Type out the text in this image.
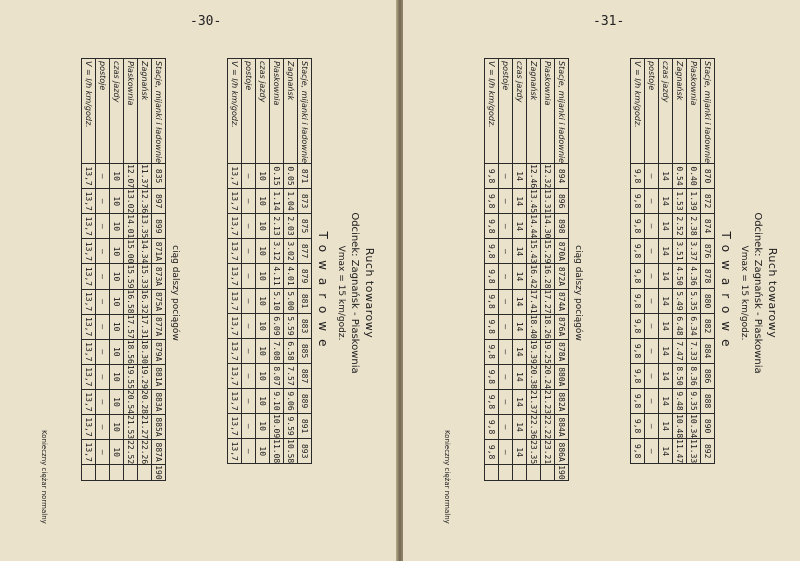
-30-
Ruch towarowy
Odcinek: Zagnańsk - Piaskownia
Vmax = 15 km/godz.
Towarowe
Stacje, mijanki i ładownie	871	873	875	877	879	881	883	885	887	889	891	893
Zagnańsk	0.05	1.04	2.03	3.02	4.01	5.00	5.59	6.58	7.57	9.06	9.59	10.58
Piaskownia	0.15	1.14	2.13	3.12	4.11	5.10	6.09	7.08	8.07	9.10	10.09	11.08
czas jazdy	10	10	10	10	10	10	10	10	10	10	10	10
postoje	—	—	—	—	—	—	—	—	—	—	—	—
V = l/h km/godz.	13,7	13,7	13,7	13,7	13,7	13,7	13,7	13,7	13,7	13,7	13,7	13,7
ciąg dalszy pociągów
Stacje, mijanki i ładownie	835	897	899	871A	873A	875A	877A	879A	881A	883A	885A	887A	190
Zagnańsk	11.37	12.36	13.35	14.34	15.33	16.32	17.31	18.30	19.29	20.28	21.27	22.26	
Piaskownia	12.07	13.02	14.01	15.00	15.59	16.58	17.57	18.56	19.55	20.54	21.53	22.52	
czas jazdy	10	10	10	10	10	10	10	10	10	10	10	10	
postoje	—	—	—	—	—	—	—	—	—	—	—	—	
V = l/h km/godz.	13,7	13,7	13,7	13,7	13,7	13,7	13,7	13,7	13,7	13,7	13,7	13,7	
Konieczny ciężar normalny
-31-
Ruch towarowy
Odcinek: Zagnańsk - Piaskownia
Vmax = 15 km/godz.
Towarowe
Stacje, mijanki i ładownie	870	872	874	876	878	880	882	884	886	888	890	892
Piaskownia	0.40	1.39	2.38	3.37	4.36	5.35	6.34	7.33	8.36	9.35	10.34	11.33
Zagnańsk	0.54	1.53	2.52	3.51	4.50	5.49	6.48	7.47	8.50	9.48	10.48	11.47
czas jazdy	14	14	14	14	14	14	14	14	14	14	14	14
postoje	—	—	—	—	—	—	—	—	—	—	—	—
V = l/h km/godz.	9,8	9,8	9,8	9,8	9,8	9,8	9,8	9,8	9,8	9,8	9,8	9,8
ciąg dalszy pociągów
Stacje, mijanki i ładownie	894	896	898	870A	872A	874A	876A	878A	880A	882A	884A	886A	190
Piaskownia	12.32	13.31	14.30	15.29	16.28	17.27	18.26	19.25	20.24	21.23	22.22	23.21	
Zagnańsk	12.46	13.45	14.44	15.43	16.42	17.41	18.40	19.39	20.38	21.37	22.36	23.35	
czas jazdy	14	14	14	14	14	14	14	14	14	14	14	14	
postoje	—	—	—	—	—	—	—	—	—	—	—	—	
V = l/h km/godz.	9,8	9,8	9,8	9,8	9,8	9,8	9,8	9,8	9,8	9,8	9,8	9,8	
Konieczny ciężar normalny
